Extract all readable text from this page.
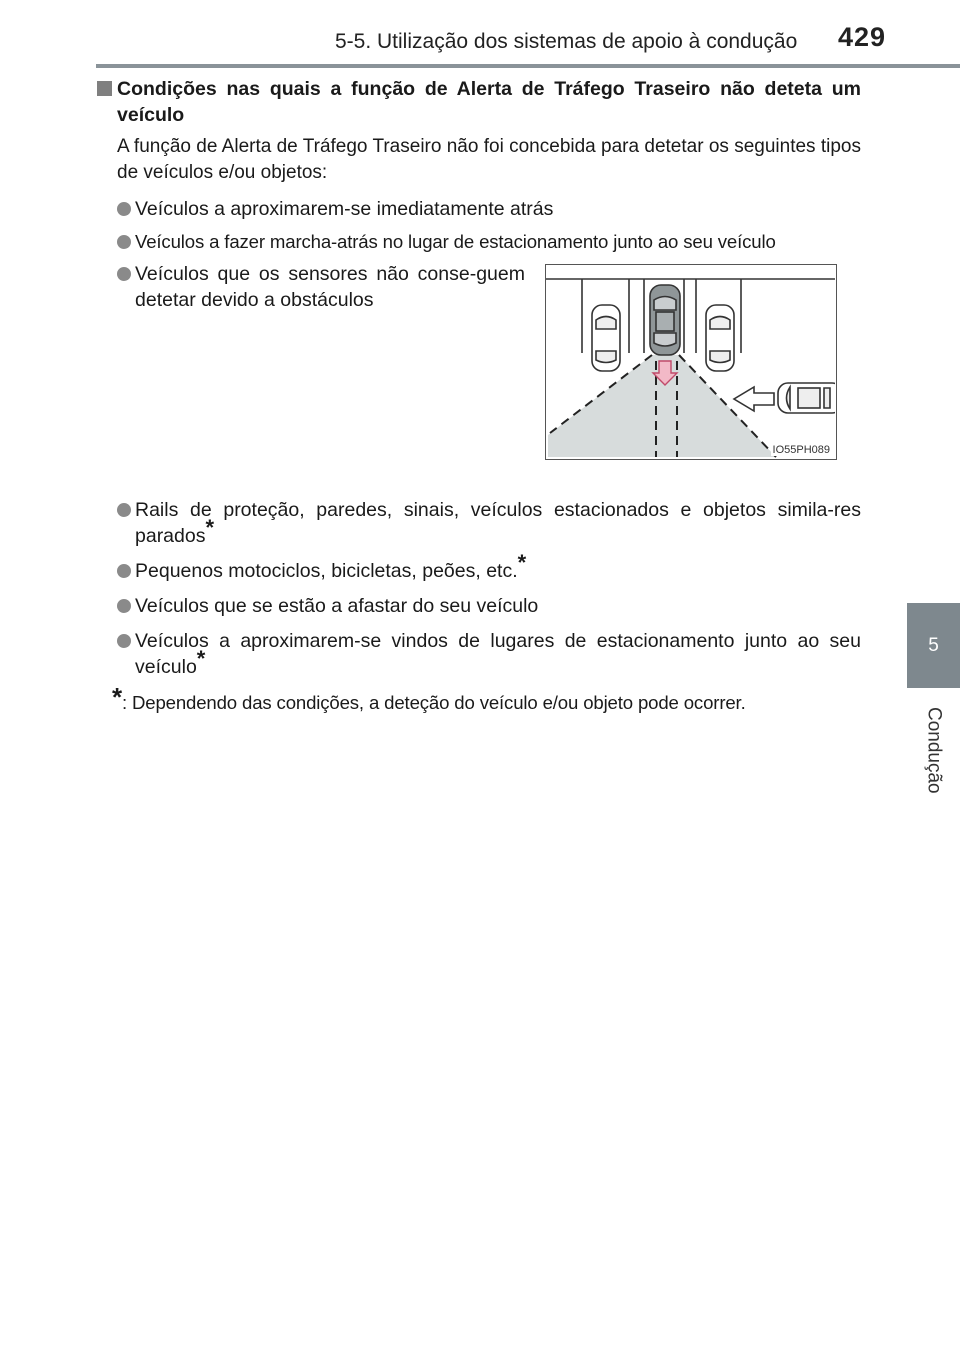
5-5. Utilização dos sistemas de apoio à condução 429
5
Condução
Condições nas quais a função de Alerta de Tráfego Traseiro não deteta um veículo
A função de Alerta de Tráfego Traseiro não foi concebida para detetar os seguintes tipos de veículos e/ou objetos:
Veículos a aproximarem-se imediatamente atrás
Veículos a fazer marcha-atrás no lugar de estacionamento junto ao seu veículo
Veículos que os sensores não conse-guem detetar devido a obstáculos
IO55PH089
Rails de proteção, paredes, sinais, veículos estacionados e objetos simila-res parados*
Pequenos motociclos, bicicletas, peões, etc.*
Veículos que se estão a afastar do seu veículo
Veículos a aproximarem-se vindos de lugares de estacionamento junto ao seu veículo*
*: Dependendo das condições, a deteção do veículo e/ou objeto pode ocorrer.
